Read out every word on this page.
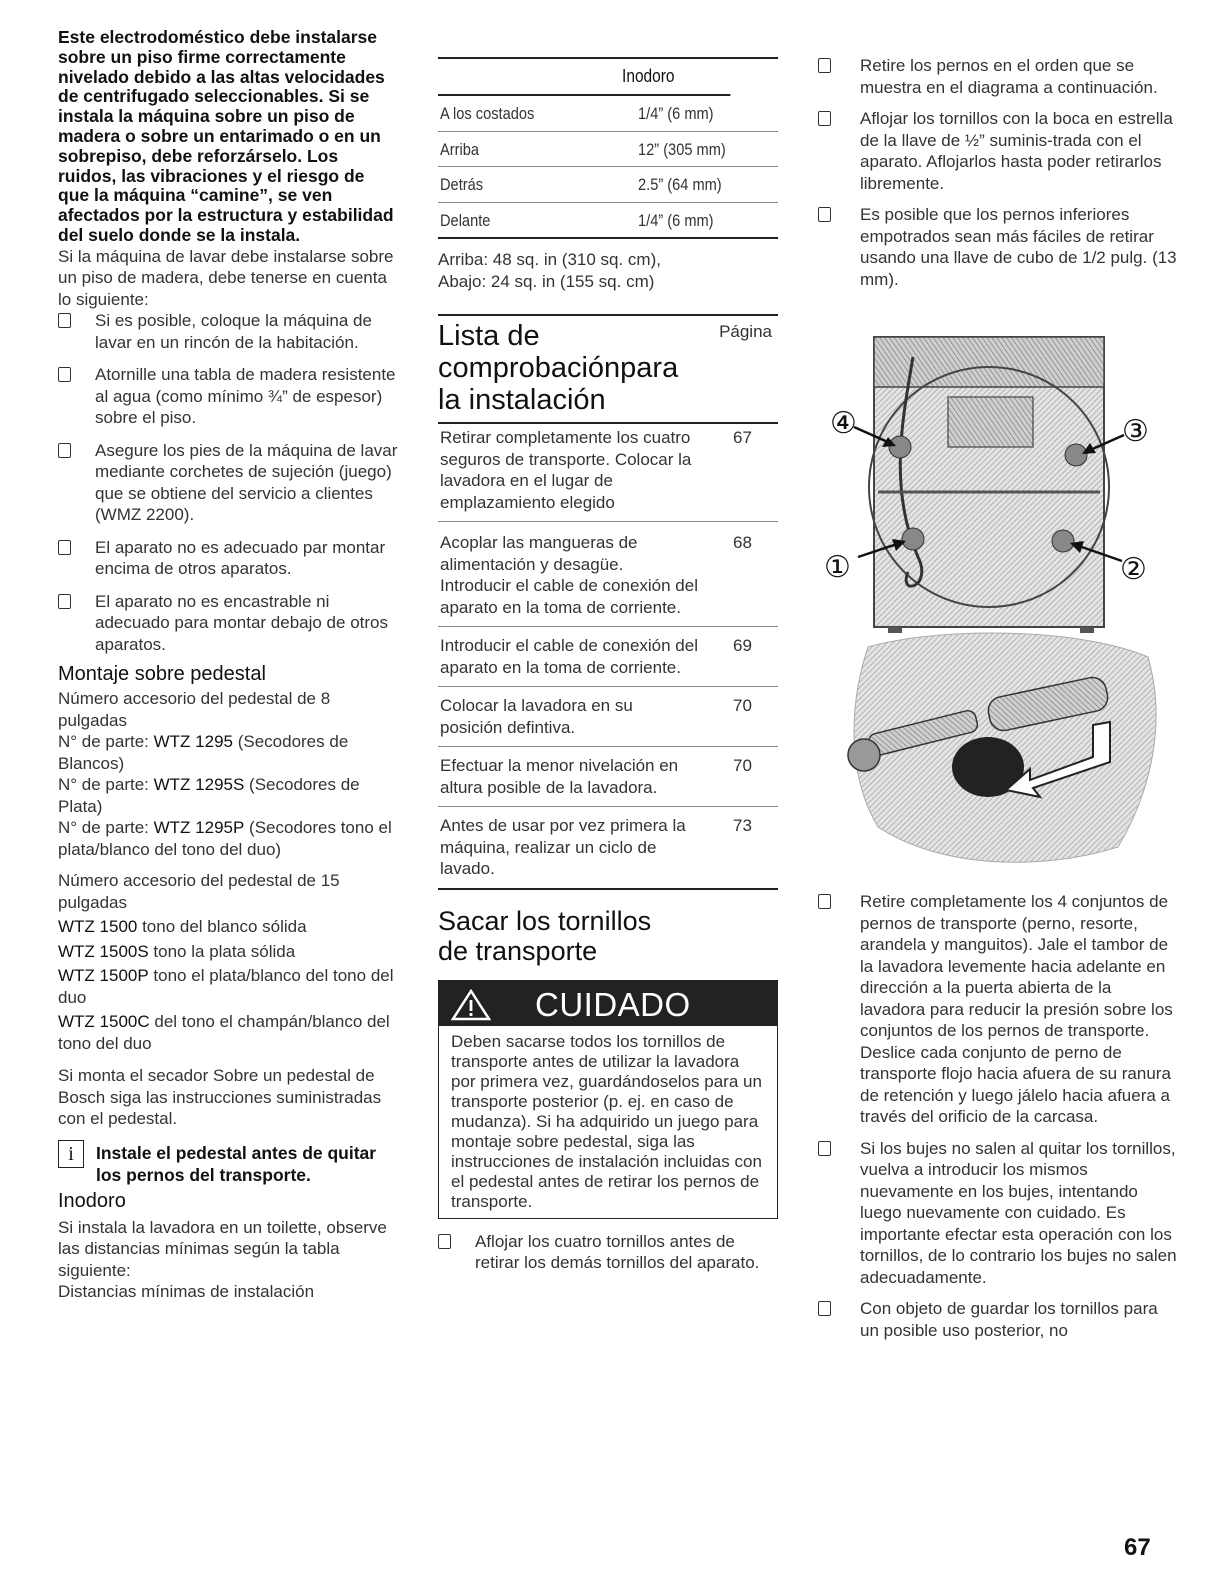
Este electrodoméstico debe instalarse sobre un piso firme correctamente nivelado debido a las altas velocidades de centrifugado seleccionables. Si se instala la máquina sobre un piso de madera o sobre un entarimado o en un sobrepiso, debe reforzárselo. Los ruidos, las vibraciones y el riesgo de que la máquina “camine”, se ven afectados por la estructura y estabilidad del suelo donde se la instala.

Si la máquina de lavar debe instalarse sobre un piso de madera, debe tenerse en cuenta lo siguiente:

Si es posible, coloque la máquina de lavar en un rincón de la habitación.
Atornille una tabla de madera resistente al agua (como mínimo ¾” de espesor) sobre el piso.
Asegure los pies de la máquina de lavar mediante corchetes de sujeción (juego) que se obtiene del servicio a clientes (WMZ 2200).
El aparato no es adecuado par montar encima de otros aparatos.
El aparato no es encastrable ni adecuado para montar debajo de otros aparatos.
Montaje sobre pedestal

Número accesorio del pedestal de 8 pulgadas

N° de parte: WTZ 1295 (Secodores de Blancos)

N° de parte: WTZ 1295S (Secodores de Plata)

N° de parte: WTZ 1295P (Secodores tono el plata/blanco del tono del duo)

Número accesorio del pedestal de 15 pulgadas

WTZ 1500 tono del blanco sólida

WTZ 1500S tono la plata sólida

WTZ 1500P tono el plata/blanco del tono del duo

WTZ 1500C del tono el champán/blanco del tono del duo

Si monta el secador Sobre un pedestal de Bosch siga las instrucciones suministradas con el pedestal.

i	Instale el pedestal antes de quitar los pernos del transporte.
Inodoro

Si instala la lavadora en un toilette, observe las distancias mínimas según la tabla siguiente:

Distancias mínimas de instalación

Inodoro
A los costados	1/4” (6 mm)
Arriba	12” (305 mm)
Detrás	2.5” (64 mm)
Delante	1/4” (6 mm)

Arriba: 48 sq. in (310 sq. cm),

Abajo: 24 sq. in (155 sq. cm)

Lista de
comprobaciónpara
la instalación
Página
Retirar completamente los cuatro seguros de transporte. Colocar la lavadora en el lugar de emplazamiento elegido
67
Acoplar las mangueras de alimentación y desagüe. Introducir el cable de conexión del aparato en la toma de corriente.
68
Introducir el cable de conexión del aparato en la toma de corriente.
69
Colocar la lavadora en su posición defintiva.
70
Efectuar la menor nivelación en altura posible de la lavadora.
70
Antes de usar por vez primera la máquina, realizar un ciclo de lavado.
73
Sacar los tornillos
de transporte
CUIDADO
Deben sacarse todos los tornillos de transporte antes de utilizar la lavadora por primera vez, guardándoselos para un transporte posterior (p. ej. en caso de mudanza). Si ha adquirido un juego para montaje sobre pedestal, siga las instrucciones de instalación incluidas con el pedestal antes de retirar los pernos de transporte.
Aflojar los cuatro tornillos antes de retirar los demás tornillos del aparato.
Retire los pernos en el orden que se muestra en el diagrama a continuación.
Aflojar los tornillos con la boca en estrella de la llave de ½” suminis-trada con el aparato. Aflojarlos hasta poder retirarlos libremente.
Es posible que los pernos inferiores empotrados sean más fáciles de retirar usando una llave de cubo de 1/2 pulg. (13 mm).
④	③
①	②
Retire completamente los 4 conjuntos de pernos de transporte (perno, resorte, arandela y manguitos). Jale el tambor de la lavadora levemente hacia adelante en dirección a la puerta abierta de la lavadora para reducir la presión sobre los conjuntos de los pernos de transporte. Deslice cada conjunto de perno de transporte flojo hacia afuera de su ranura de retención y luego jálelo hacia afuera a través del orificio de la carcasa.
Si los bujes no salen al quitar los tornillos, vuelva a introducir los mismos nuevamente en los bujes, intentando luego nuevamente con cuidado. Es importante efectar esta operación con los tornillos, de lo contrario los bujes no salen adecuadamente.
Con objeto de guardar los tornillos para un posible uso posterior, no
67
